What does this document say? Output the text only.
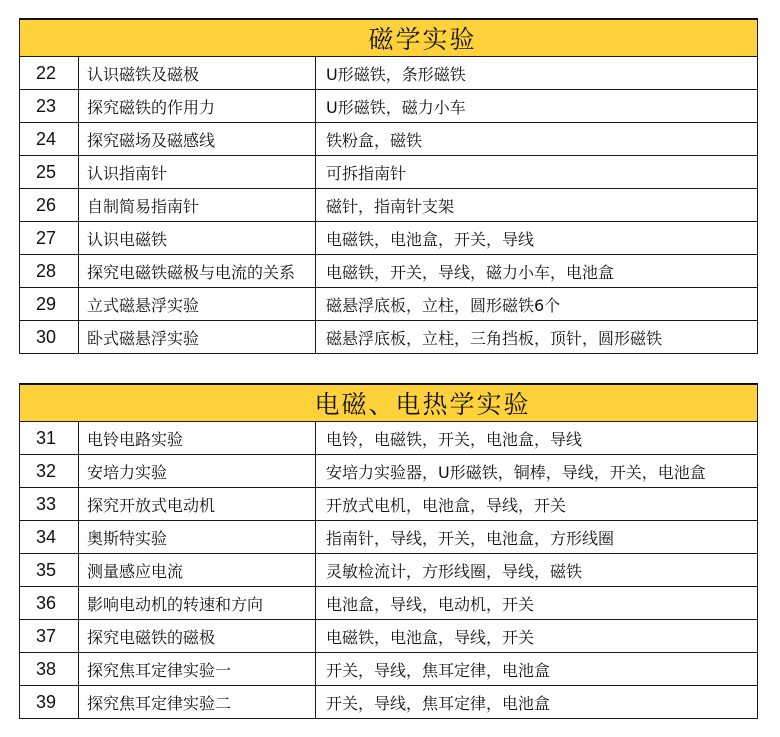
磁学实验		
22	认识磁铁及磁极	U形磁铁，条形磁铁
23	探究磁铁的作用力	U形磁铁，磁力小车
24	探究磁场及磁感线	铁粉盒，磁铁
25	认识指南针	可拆指南针
26	自制简易指南针	磁针，指南针支架
27	认识电磁铁	电磁铁，电池盒，开关，导线
28	探究电磁铁磁极与电流的关系	电磁铁，开关，导线，磁力小车，电池盒
29	立式磁悬浮实验	磁悬浮底板，立柱，圆形磁铁6个
30	卧式磁悬浮实验	磁悬浮底板，立柱，三角挡板，顶针，圆形磁铁
电磁、电热学实验		
31	电铃电路实验	电铃，电磁铁，开关，电池盒，导线
32	安培力实验	安培力实验器，U形磁铁，铜棒，导线，开关，电池盒
33	探究开放式电动机	开放式电机，电池盒，导线，开关
34	奥斯特实验	指南针，导线，开关，电池盒，方形线圈
35	测量感应电流	灵敏检流计，方形线圈，导线，磁铁
36	影响电动机的转速和方向	电池盒，导线，电动机，开关
37	探究电磁铁的磁极	电磁铁，电池盒，导线，开关
38	探究焦耳定律实验一	开关，导线，焦耳定律，电池盒
39	探究焦耳定律实验二	开关，导线，焦耳定律，电池盒
